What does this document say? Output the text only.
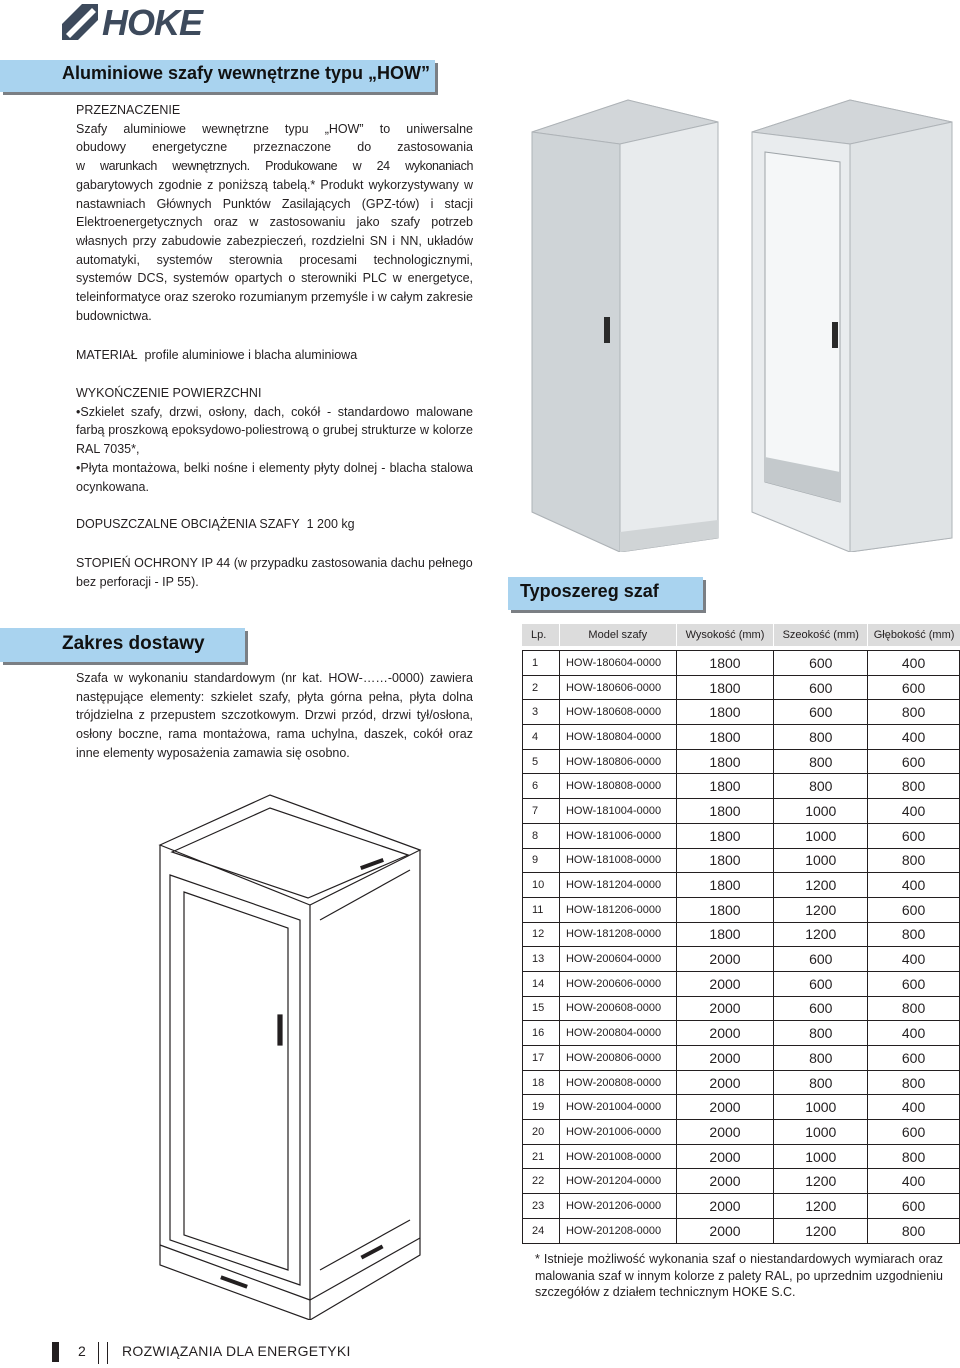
HOKE
Aluminiowe szafy wewnętrzne typu „HOW”

PRZEZNACZENIE

Szafy aluminiowe wewnętrzne typu „HOW” to uniwersalne

obudowy energetyczne przeznaczone do zastosowania

w warunkach wewnętrznych. Produkowane w 24 wykonaniach

gabarytowych zgodnie z poniższą tabelą.* Produkt wykorzystywany w nastawniach Głównych Punktów Zasilających (GPZ-tów) i stacji Elektroenergetycznych oraz w zastosowaniu jako szafy potrzeb własnych przy zabudowie zabezpieczeń, rozdzielni SN i NN, układów automatyki, systemów sterownia procesami technologicznymi, systemów DCS, systemów opartych o sterowniki PLC w energetyce, teleinformatyce oraz szeroko rozumianym przemyśle i w całym zakresie budownictwa.

MATERIAŁ profile aluminiowe i blacha aluminiowa

WYKOŃCZENIE POWIERZCHNI

•Szkielet szafy, drzwi, osłony, dach, cokół - standardowo malowane farbą proszkową epoksydowo-poliestrową o grubej strukturze w kolorze RAL 7035*,

•Płyta montażowa, belki nośne i elementy płyty dolnej - blacha stalowa ocynkowana.

DOPUSZCZALNE OBCIĄŻENIA SZAFY 1 200 kg

STOPIEŃ OCHRONY IP 44 (w przypadku zastosowania dachu pełnego bez perforacji - IP 55).	Typoszereg szaf
Zakres dostawy

Szafa w wykonaniu standardowym (nr kat. HOW-……-0000) zawiera następujące elementy: szkielet szafy, płyta górna pełna, płyta dolna trójdzielna z przepustem szczotkowym. Drzwi przód, drzwi tył/osłona, osłony boczne, rama montażowa, rama uchylna, daszek, cokół oraz inne elementy wyposażenia zamawia się osobno.

Lp.	Model szafy	Wysokość (mm)	Szeokość (mm)	Głębokość (mm)

1	HOW-180604-0000	1800	600	400
2	HOW-180606-0000	1800	600	600
3	HOW-180608-0000	1800	600	800
4	HOW-180804-0000	1800	800	400
5	HOW-180806-0000	1800	800	600
6	HOW-180808-0000	1800	800	800
7	HOW-181004-0000	1800	1000	400
8	HOW-181006-0000	1800	1000	600
9	HOW-181008-0000	1800	1000	800
10	HOW-181204-0000	1800	1200	400
11	HOW-181206-0000	1800	1200	600
12	HOW-181208-0000	1800	1200	800
13	HOW-200604-0000	2000	600	400
14	HOW-200606-0000	2000	600	600
15	HOW-200608-0000	2000	600	800
16	HOW-200804-0000	2000	800	400
17	HOW-200806-0000	2000	800	600
18	HOW-200808-0000	2000	800	800
19	HOW-201004-0000	2000	1000	400
20	HOW-201006-0000	2000	1000	600
21	HOW-201008-0000	2000	1000	800
22	HOW-201204-0000	2000	1200	400
23	HOW-201206-0000	2000	1200	600
24	HOW-201208-0000	2000	1200	800
* Istnieje możliwość wykonania szaf o niestandardowych wymiarach oraz malowania szaf w innym kolorze z palety RAL, po uprzednim uzgodnieniu szczegółów z działem technicznym HOKE S.C.
2	ROZWIĄZANIA DLA ENERGETYKI
